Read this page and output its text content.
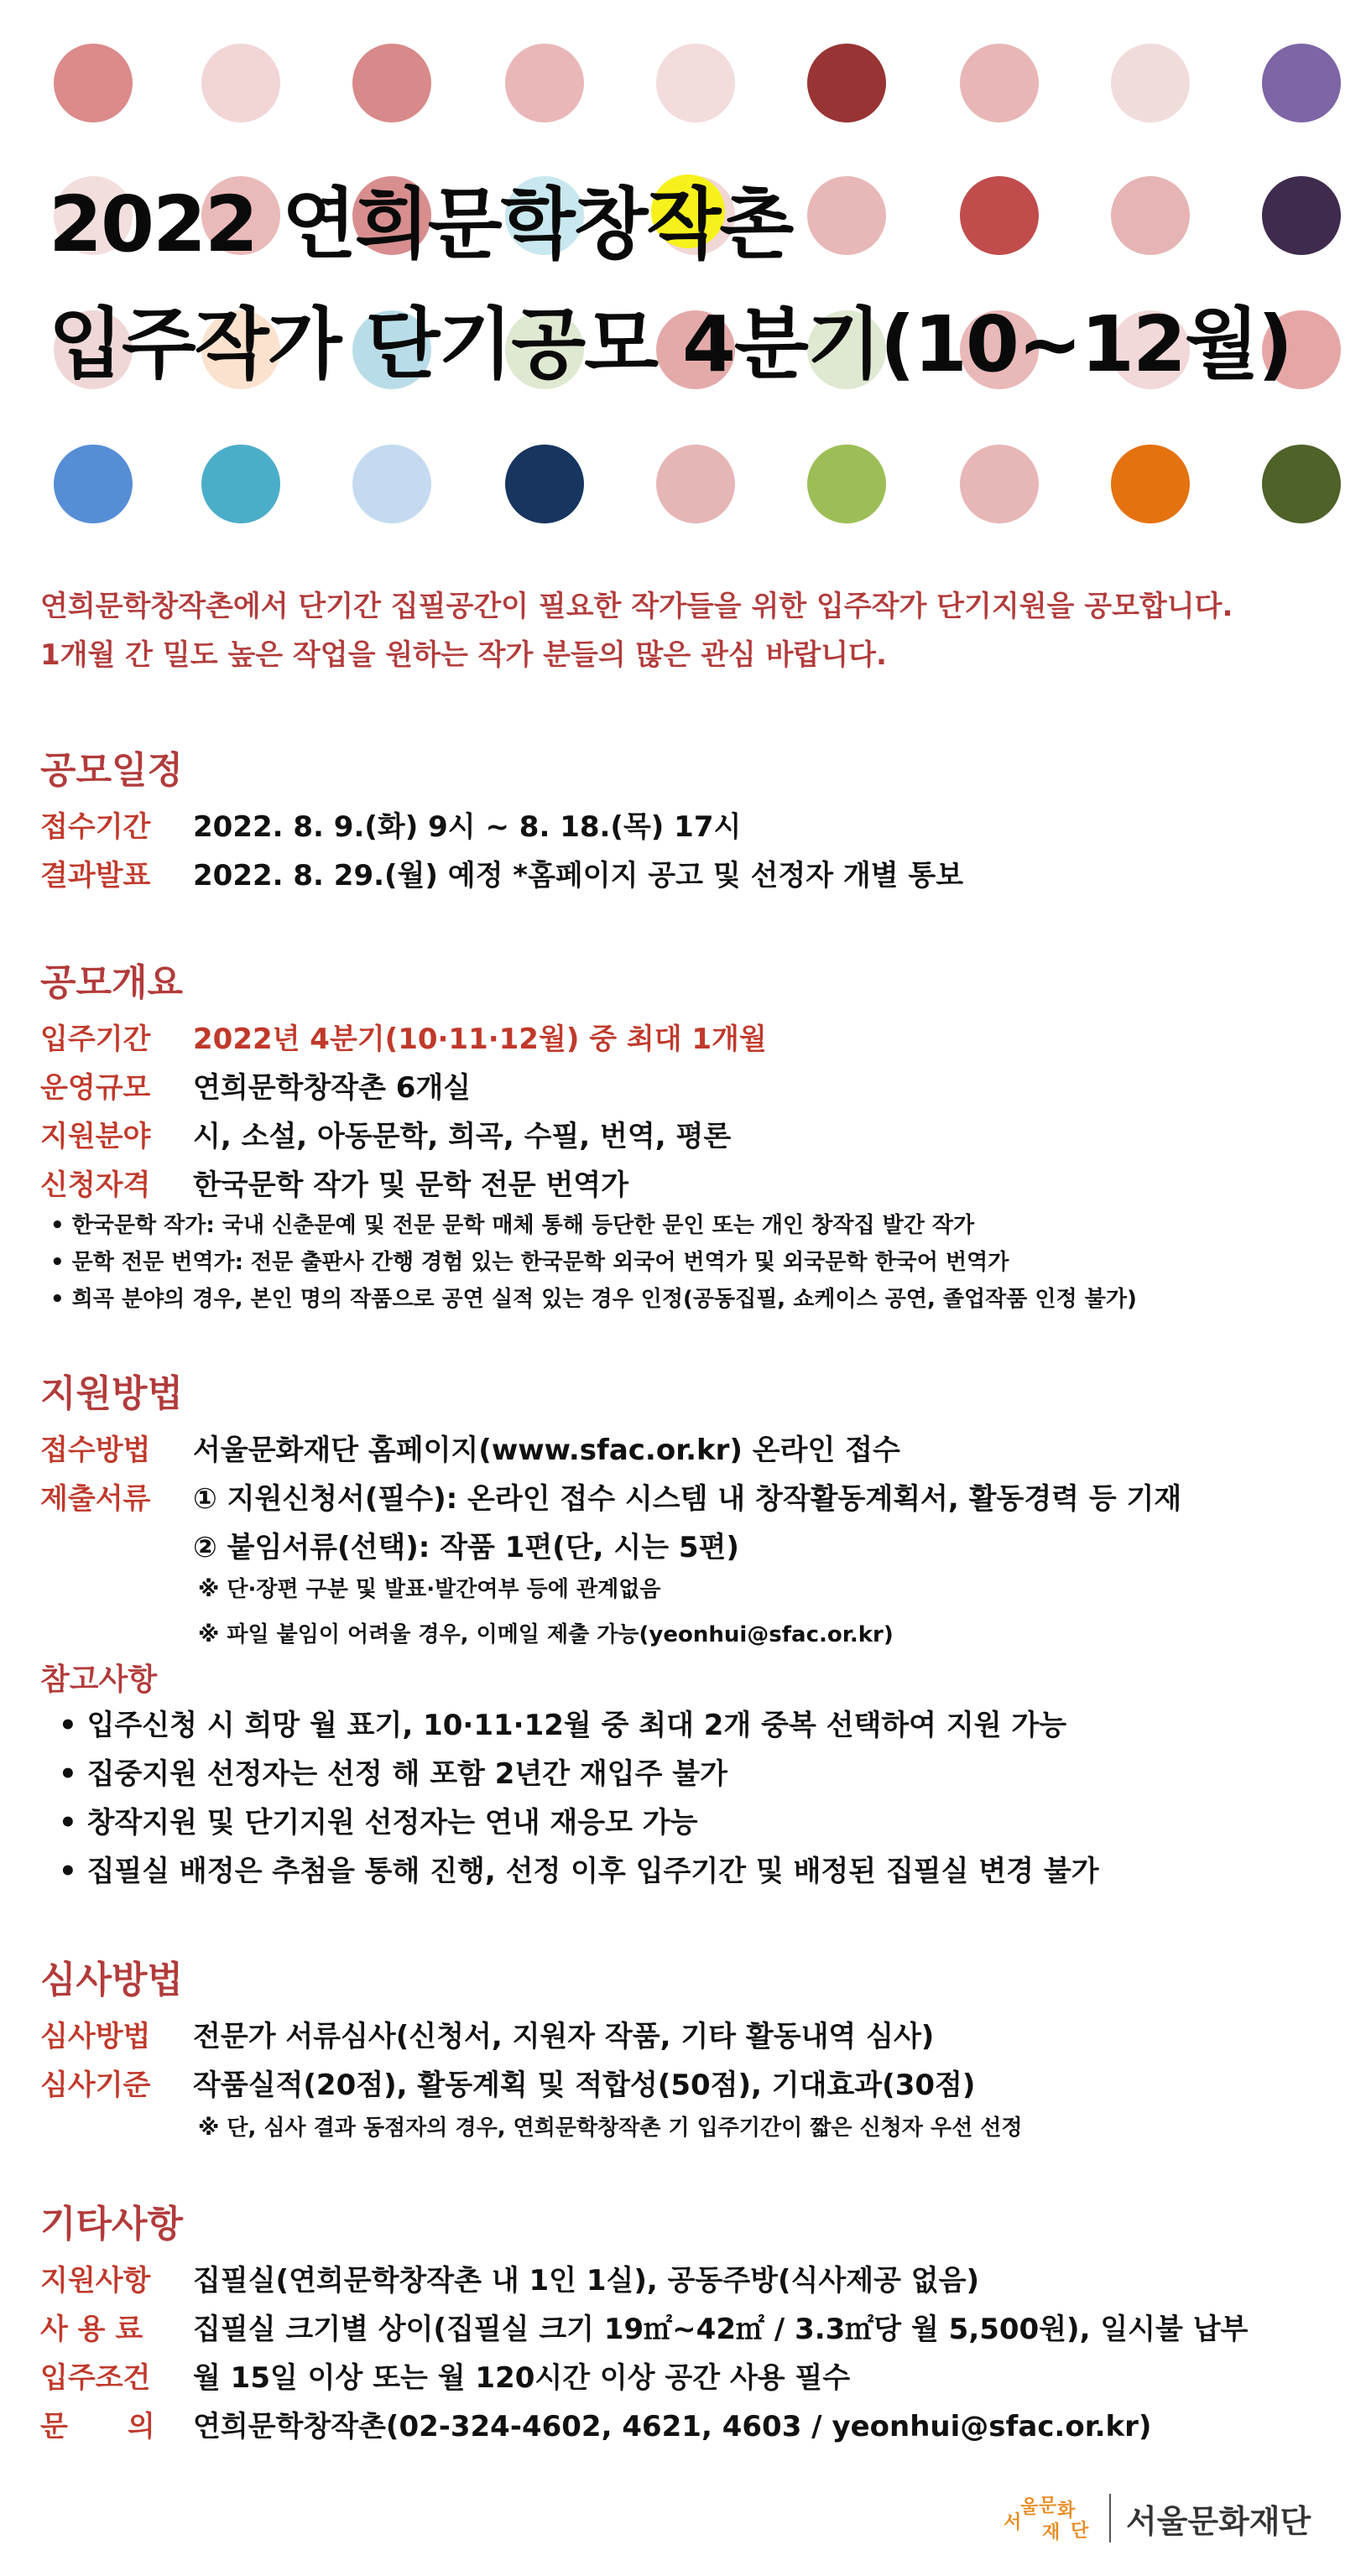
2022 연희문학창작촌
입주작가 단기공모 4분기(10~12월)

연희문학창작촌에서 단기간 집필공간이 필요한 작가들을 위한 입주작가 단기지원을 공모합니다.

1개월 간 밀도 높은 작업을 원하는 작가 분들의 많은 관심 바랍니다.

공모일정
접수기간	2022. 8. 9.(화) 9시 ~ 8. 18.(목) 17시
결과발표	2022. 8. 29.(월) 예정 *홈페이지 공고 및 선정자 개별 통보
공모개요
입주기간	2022년 4분기(10·11·12월) 중 최대 1개월
운영규모	연희문학창작촌 6개실
지원분야	시, 소설, 아동문학, 희곡, 수필, 번역, 평론
신청자격	한국문학 작가 및 문학 전문 번역가
• 한국문학 작가: 국내 신춘문예 및 전문 문학 매체 통해 등단한 문인 또는 개인 창작집 발간 작가
• 문학 전문 번역가: 전문 출판사 간행 경험 있는 한국문학 외국어 번역가 및 외국문학 한국어 번역가
• 희곡 분야의 경우, 본인 명의 작품으로 공연 실적 있는 경우 인정(공동집필, 쇼케이스 공연, 졸업작품 인정 불가)
지원방법
접수방법	서울문화재단 홈페이지(www.sfac.or.kr) 온라인 접수
제출서류	① 지원신청서(필수): 온라인 접수 시스템 내 창작활동계획서, 활동경력 등 기재
② 붙임서류(선택): 작품 1편(단, 시는 5편)
※ 단·장편 구분 및 발표·발간여부 등에 관계없음
※ 파일 붙임이 어려울 경우, 이메일 제출 가능(yeonhui@sfac.or.kr)
참고사항
• 입주신청 시 희망 월 표기, 10·11·12월 중 최대 2개 중복 선택하여 지원 가능
• 집중지원 선정자는 선정 해 포함 2년간 재입주 불가
• 창작지원 및 단기지원 선정자는 연내 재응모 가능
• 집필실 배정은 추첨을 통해 진행, 선정 이후 입주기간 및 배정된 집필실 변경 불가
심사방법
심사방법	전문가 서류심사(신청서, 지원자 작품, 기타 활동내역 심사)
심사기준	작품실적(20점), 활동계획 및 적합성(50점), 기대효과(30점)
※ 단, 심사 결과 동점자의 경우, 연희문학창작촌 기 입주기간이 짧은 신청자 우선 선정
기타사항
지원사항	집필실(연희문학창작촌 내 1인 1실), 공동주방(식사제공 없음)
사 용 료	집필실 크기별 상이(집필실 크기 19㎡~42㎡ / 3.3㎡당 월 5,500원), 일시불 납부
입주조건	월 15일 이상 또는 월 120시간 이상 공간 사용 필수
문      의	연희문학창작촌(02-324-4602, 4621, 4603 / yeonhui@sfac.or.kr)
서
울 문 화
재 단 서울문화재단
